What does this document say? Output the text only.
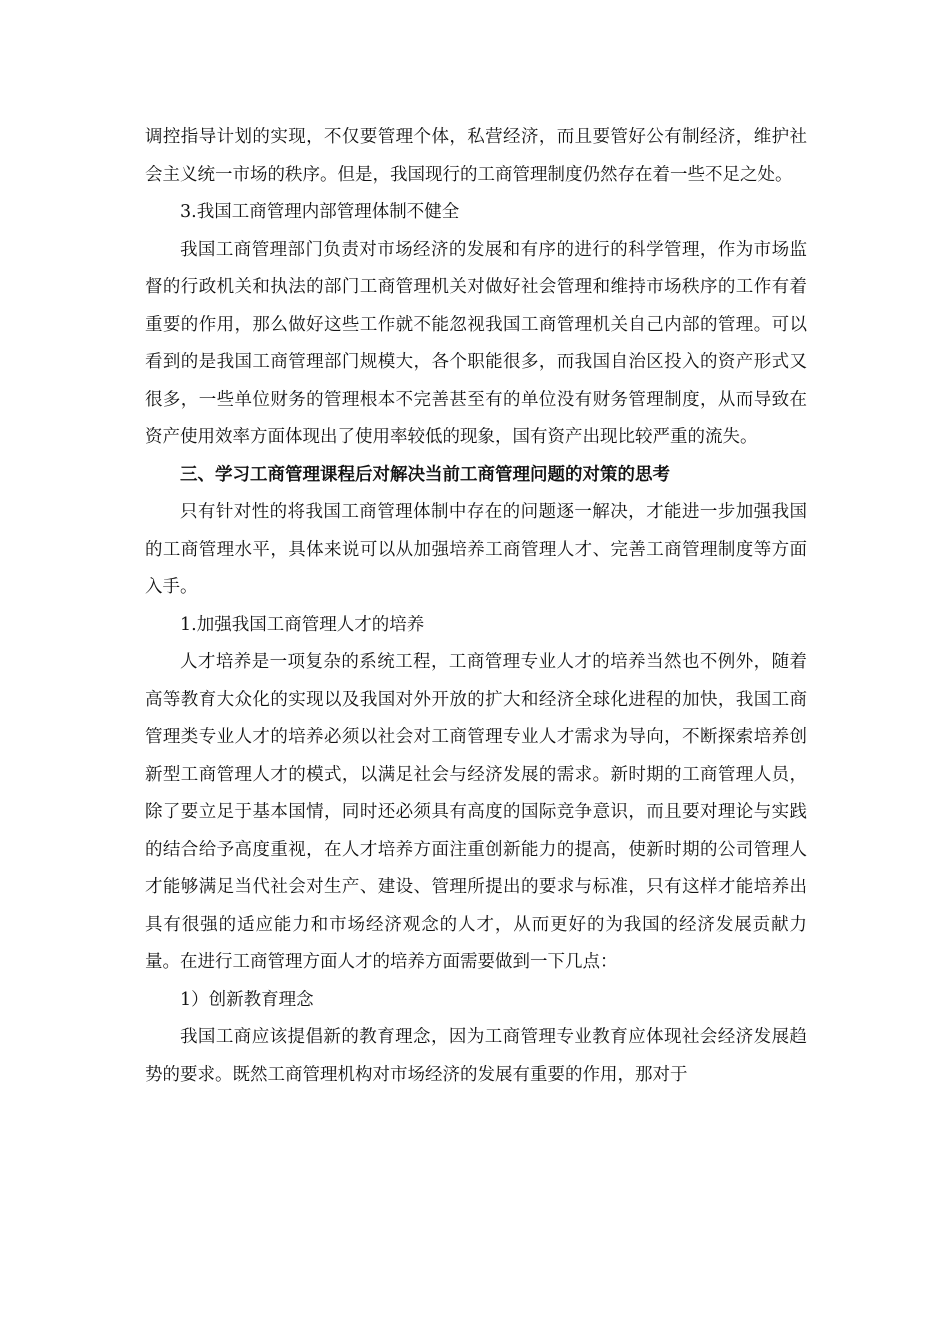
调控指导计划的实现，不仅要管理个体，私营经济，而且要管好公有制经济，维护社会主义统一市场的秩序。但是，我国现行的工商管理制度仍然存在着一些不足之处。

3.我国工商管理内部管理体制不健全

我国工商管理部门负责对市场经济的发展和有序的进行的科学管理，作为市场监督的行政机关和执法的部门工商管理机关对做好社会管理和维持市场秩序的工作有着重要的作用，那么做好这些工作就不能忽视我国工商管理机关自己内部的管理。可以看到的是我国工商管理部门规模大，各个职能很多，而我国自治区投入的资产形式又很多，一些单位财务的管理根本不完善甚至有的单位没有财务管理制度，从而导致在资产使用效率方面体现出了使用率较低的现象，国有资产出现比较严重的流失。

三、学习工商管理课程后对解决当前工商管理问题的对策的思考

只有针对性的将我国工商管理体制中存在的问题逐一解决，才能进一步加强我国的工商管理水平，具体来说可以从加强培养工商管理人才、完善工商管理制度等方面入手。

1.加强我国工商管理人才的培养

人才培养是一项复杂的系统工程，工商管理专业人才的培养当然也不例外，随着高等教育大众化的实现以及我国对外开放的扩大和经济全球化进程的加快，我国工商管理类专业人才的培养必须以社会对工商管理专业人才需求为导向，不断探索培养创新型工商管理人才的模式，以满足社会与经济发展的需求。新时期的工商管理人员，除了要立足于基本国情，同时还必须具有高度的国际竞争意识，而且要对理论与实践的结合给予高度重视，在人才培养方面注重创新能力的提高，使新时期的公司管理人才能够满足当代社会对生产、建设、管理所提出的要求与标准，只有这样才能培养出具有很强的适应能力和市场经济观念的人才，从而更好的为我国的经济发展贡献力量。在进行工商管理方面人才的培养方面需要做到一下几点：

1）创新教育理念

我国工商应该提倡新的教育理念，因为工商管理专业教育应体现社会经济发展趋势的要求。既然工商管理机构对市场经济的发展有重要的作用，那对于
